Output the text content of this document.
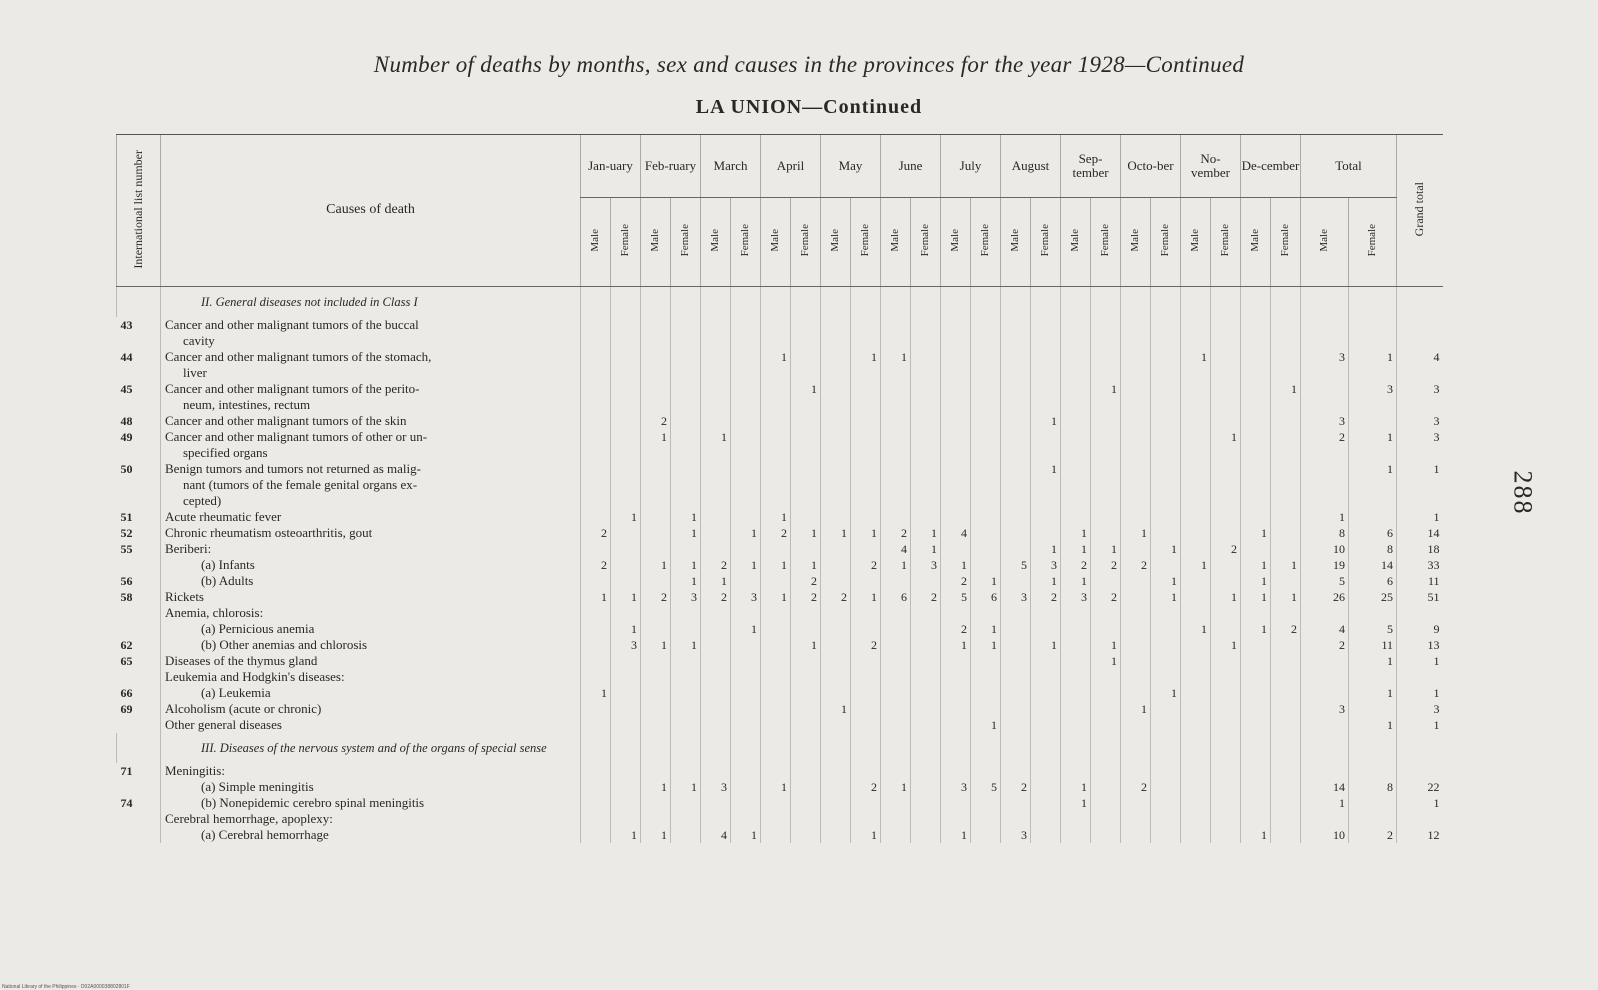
Number of deaths by months, sex and causes in the provinces for the year 1928—Continued
LA UNION—Continued
288
National Library of the Philippines · D02A000038802801F
International list number	Causes of death	Jan-uary		Feb-ruary		March		April		May		June		July		August		Sep-tember		Octo-ber		No-vember		De-cember		Total		Grand total
		Male	Female	Male	Female	Male	Female	Male	Female	Male	Female	Male	Female	Male	Female	Male	Female	Male	Female	Male	Female	Male	Female	Male	Female	Male	Female	
	II. General diseases not included in Class I																											
43	Cancer and other malignant tumors of the buccal																											
	cavity																											
44	Cancer and other malignant tumors of the stomach,							1			1	1										1				3	1	4
	liver																											
45	Cancer and other malignant tumors of the perito-								1										1						1		3	3
	neum, intestines, rectum																											
48	Cancer and other malignant tumors of the skin			2													1									3		3
49	Cancer and other malignant tumors of other or un-			1		1																	1			2	1	3
	specified organs																											
50	Benign tumors and tumors not returned as malig-																1										1	1
	nant (tumors of the female genital organs ex-																											
	cepted)																											
51	Acute rheumatic fever		1		1			1																		1		1
52	Chronic rheumatism osteoarthritis, gout	2			1		1	2	1	1	1	2	1	4				1		1				1		8	6	14
55	Beriberi:											4	1				1	1	1		1		2			10	8	18
	(a) Infants	2		1	1	2	1	1	1		2	1	3	1		5	3	2	2	2		1		1	1	19	14	33
56	(b) Adults				1	1			2					2	1		1	1			1			1		5	6	11
58	Rickets	1	1	2	3	2	3	1	2	2	1	6	2	5	6	3	2	3	2		1		1	1	1	26	25	51
	Anemia, chlorosis:																											
	(a) Pernicious anemia		1				1							2	1							1		1	2	4	5	9
62	(b) Other anemias and chlorosis		3	1	1				1		2			1	1		1		1				1			2	11	13
65	Diseases of the thymus gland																		1								1	1
	Leukemia and Hodgkin's diseases:																											
66	(a) Leukemia	1																			1						1	1
69	Alcoholism (acute or chronic)									1										1						3		3
	Other general diseases														1												1	1
	III. Diseases of the nervous system and of the organs of special sense																											
71	Meningitis:																											
	(a) Simple meningitis			1	1	3		1			2	1		3	5	2		1		2						14	8	22
74	(b) Nonepidemic cerebro spinal meningitis																	1								1		1
	Cerebral hemorrhage, apoplexy:																											
	(a) Cerebral hemorrhage		1	1		4	1				1			1		3								1		10	2	12
